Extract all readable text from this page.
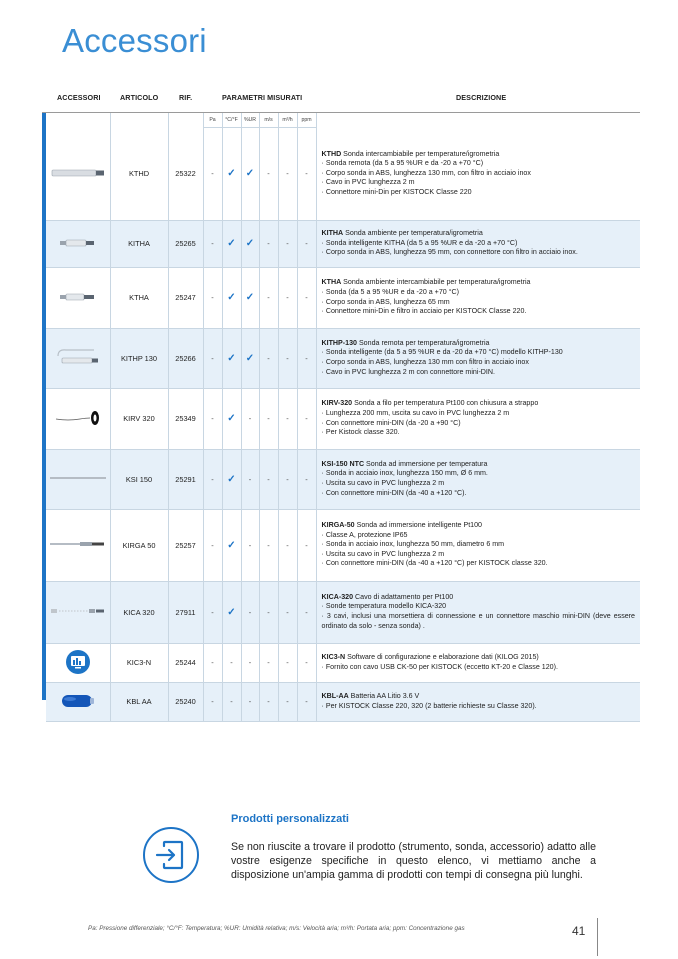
Accessori
ACCESSORI	ARTICOLO	RIF.	PARAMETRI MISURATI	DESCRIZIONE
			Pa	°C/°F	%UR	m/s	m³/h	ppm	
	KTHD	25322	-	✓	✓	-	-	-	KTHD Sonda intercambiabile per temperature/igrometria
· Sonda remota (da 5 a 95 %UR e da -20 a +70 °C)
· Corpo sonda in ABS, lunghezza 130 mm, con filtro in acciaio inox
· Cavo in PVC lunghezza 2 m
· Connettore mini-Din per KISTOCK Classe 220

	KITHA	25265	-	✓	✓	-	-	-	KITHA Sonda ambiente per temperatura/igrometria
· Sonda intelligente KITHA (da 5 a 95 %UR e da -20 a +70 °C)
· Corpo sonda in ABS, lunghezza 95 mm, con connettore con filtro in acciaio inox.

	KTHA	25247	-	✓	✓	-	-	-	KTHA Sonda ambiente intercambiabile per temperatura/igrometria
· Sonda (da 5 a 95 %UR e da -20 a +70 °C)
· Corpo sonda in ABS, lunghezza 65 mm
· Connettore mini-Din e filtro in acciaio per KISTOCK Classe 220.

	KITHP 130	25266	-	✓	✓	-	-	-	KITHP-130 Sonda remota per temperatura/igrometria
· Sonda intelligente (da 5 a 95 %UR e da -20 da +70 °C) modello KITHP-130
· Corpo sonda in ABS, lunghezza 130 mm con filtro in acciaio inox
· Cavo in PVC lunghezza 2 m con connettore mini-DIN.

	KIRV 320	25349	-	✓	-	-	-	-	KIRV-320 Sonda a filo per temperatura Pt100 con chiusura a strappo
· Lunghezza 200 mm, uscita su cavo in PVC lunghezza 2 m
· Con connettore mini-DIN (da -20 a +90 °C)
· Per Kistock classe 320.

	KSI 150	25291	-	✓	-	-	-	-	KSI-150 NTC Sonda ad immersione per temperatura
· Sonda in acciaio inox, lunghezza 150 mm, Ø 6 mm.
· Uscita su cavo in PVC lunghezza 2 m
· Con connettore mini-DIN (da -40 a +120 °C).

	KIRGA 50	25257	-	✓	-	-	-	-	KIRGA-50 Sonda ad immersione intelligente Pt100
· Classe A, protezione IP65
· Sonda in acciaio inox, lunghezza 50 mm, diametro 6 mm
· Uscita su cavo in PVC lunghezza 2 m
· Con connettore mini-DIN (da -40 a +120 °C) per KISTOCK classe 320.

	KICA 320	27911	-	✓	-	-	-	-	KICA-320 Cavo di adattamento per Pt100
· Sonde temperatura modello KICA-320
· 3 cavi, inclusi una morsettiera di connessione e un connettore maschio mini-DIN (deve essere ordinato da solo - senza sonda) .

	KIC3-N	25244	-	-	-	-	-	-	KIC3-N Software di configurazione e elaborazione dati (KILOG 2015)
· Fornito con cavo USB CK-50 per KISTOCK (eccetto KT-20 e Classe 120).

	KBL AA	25240	-	-	-	-	-	-	KBL-AA Batteria AA Litio 3.6 V
· Per KISTOCK Classe 220, 320 (2 batterie richieste su Classe 320).
Prodotti personalizzati
Se non riuscite a trovare il prodotto (strumento, sonda, accessorio) adatto alle vostre esigenze specifiche in questo elenco, vi mettiamo anche a disposizione un'ampia gamma di prodotti con tempi di consegna più lunghi.
Pa: Pressione differenziale; °C/°F: Temperatura; %UR: Umidità relativa; m/s: Velocità aria; m³/h: Portata aria; ppm: Concentrazione gas	41
